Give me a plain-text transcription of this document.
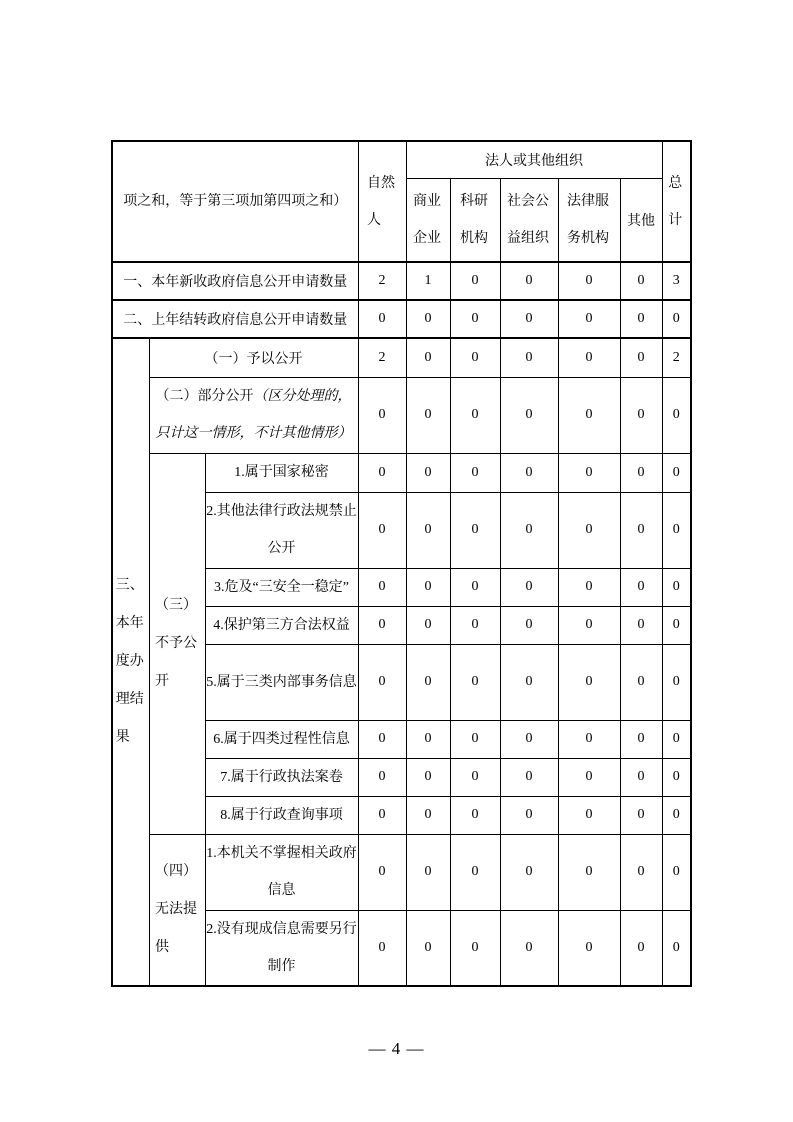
项之和，等于第三项加第四项之和）			自然人	法人或其他组织					总计

				商业企业	科研机构	社会公益组织	法律服务机构	其他	
一、本年新收政府信息公开申请数量			2	1	0	0	0	0	3
二、上年结转政府信息公开申请数量			0	0	0	0	0	0	0

三、本年度办理结果	（一）予以公开		2	0	0	0	0	0	2
	（二）部分公开（区分处理的，只计这一情形，不计其他情形）		0	0	0	0	0	0	0

	（三）不予公开	1.属于国家秘密	0	0	0	0	0	0	0
		2.其他法律行政法规禁止公开	0	0	0	0	0	0	0
		3.危及“三安全一稳定”	0	0	0	0	0	0	0
		4.保护第三方合法权益	0	0	0	0	0	0	0
		5.属于三类内部事务信息	0	0	0	0	0	0	0
		6.属于四类过程性信息	0	0	0	0	0	0	0
		7.属于行政执法案卷	0	0	0	0	0	0	0
		8.属于行政查询事项	0	0	0	0	0	0	0

	（四）无法提供	1.本机关不掌握相关政府信息	0	0	0	0	0	0	0
		2.没有现成信息需要另行制作	0	0	0	0	0	0	0
— 4 —
